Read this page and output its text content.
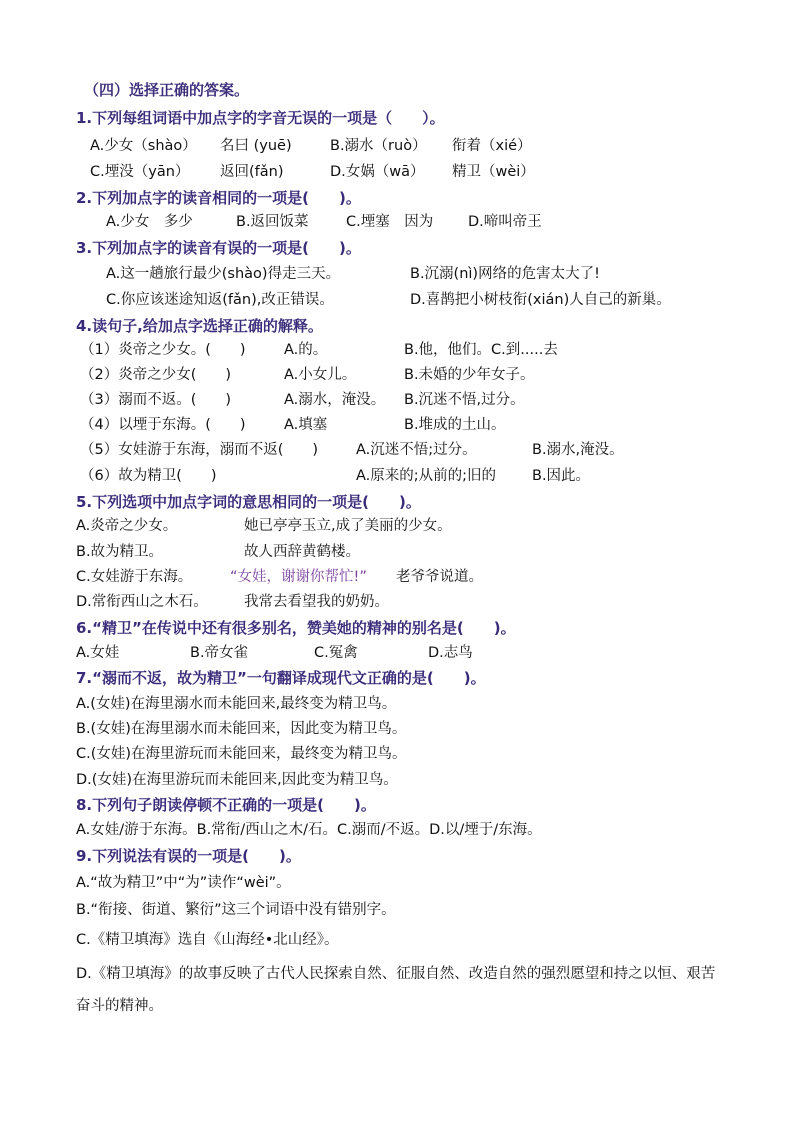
（四）选择正确的答案。
1.下列每组词语中加点字的字音无误的一项是（　　）。
A.少女（shào） 名曰 (yuē)	B.溺水（ruò） 衔着（xié）
C.堙没（yān） 返回(fǎn)	D.女娲（wā） 精卫（wèi）
2.下列加点字的读音相同的一项是(　　)。
A.少女　多少	B.返回饭菜	C.堙塞　因为 D.啼叫帝王
3.下列加点字的读音有误的一项是(　　)。
A.这一趟旅行最少(shào)得走三天。	B.沉溺(nì)网络的危害太大了!
C.你应该迷途知返(fǎn),改正错误。	D.喜鹊把小树枝衔(xián)人自己的新巢。
4.读句子,给加点字选择正确的解释。
（1）炎帝之少女。(　　)	A.的。	B.他，他们。C.到.....去
（2）炎帝之少女(　　)	A.小女儿。	B.未婚的少年女子。
（3）溺而不返。(　　)	A.溺水，淹没。 B.沉迷不悟,过分。
（4）以堙于东海。(　　)	A.填塞	B.堆成的土山。
（5）女娃游于东海，溺而不返(　　)	A.沉迷不悟;过分。	B.溺水,淹没。
（6）故为精卫(　　)	A.原来的;从前的;旧的 B.因此。
5.下列选项中加点字词的意思相同的一项是(　　)。
A.炎帝之少女。	她已亭亭玉立,成了美丽的少女。
B.故为精卫。	故人西辞黄鹤楼。
C.女娃游于东海。	“女娃，谢谢你帮忙!” 老爷爷说道。
D.常衔西山之木石。 我常去看望我的奶奶。
6.“精卫”在传说中还有很多别名，赞美她的精神的别名是(　　)。
A.女娃	B.帝女雀	C.冤禽	D.志鸟
7.“溺而不返，故为精卫”一句翻译成现代文正确的是(　　)。
A.(女娃)在海里溺水而未能回来,最终变为精卫鸟。
B.(女娃)在海里溺水而未能回来，因此变为精卫鸟。
C.(女娃)在海里游玩而未能回来，最终变为精卫鸟。
D.(女娃)在海里游玩而未能回来,因此变为精卫鸟。
8.下列句子朗读停顿不正确的一项是(　　)。
A.女娃/游于东海。B.常衔/西山之木/石。C.溺而/不返。D.以/堙于/东海。
9.下列说法有误的一项是(　　)。
A.“故为精卫”中“为”读作“wèi”。
B.“衔接、街道、繁衍”这三个词语中没有错别字。
C.《精卫填海》选自《山海经•北山经》。
D.《精卫填海》的故事反映了古代人民探索自然、征服自然、改造自然的强烈愿望和持之以恒、艰苦奋斗的精神。
